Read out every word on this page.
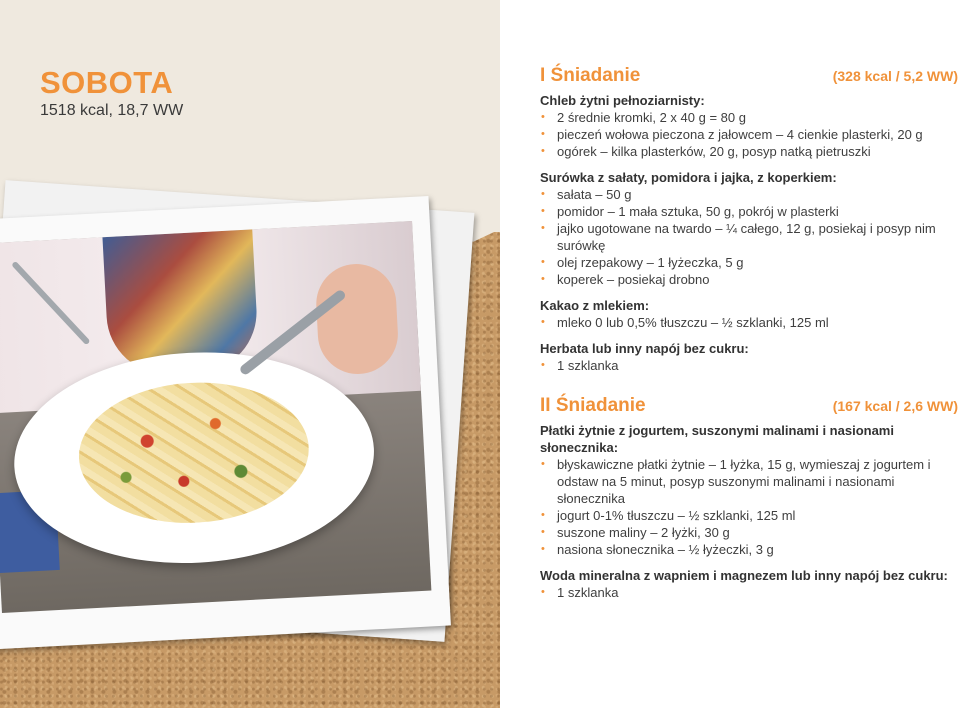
SOBOTA
1518 kcal, 18,7 WW
I Śniadanie	(328 kcal / 5,2 WW)
Chleb żytni pełnoziarnisty:
• 2 średnie kromki, 2 x 40 g = 80 g
• pieczeń wołowa pieczona z jałowcem – 4 cienkie plasterki, 20 g
• ogórek – kilka plasterków, 20 g, posyp natką pietruszki
Surówka z sałaty, pomidora i jajka, z koperkiem:
• sałata – 50 g
• pomidor – 1 mała sztuka, 50 g, pokrój w plasterki
• jajko ugotowane na twardo – ¼ całego, 12 g, posiekaj i posyp nim surówkę
• olej rzepakowy – 1 łyżeczka, 5 g
• koperek – posiekaj drobno
Kakao z mlekiem:
• mleko 0 lub 0,5% tłuszczu – ½ szklanki, 125 ml
Herbata lub inny napój bez cukru:
• 1 szklanka
II Śniadanie	(167 kcal / 2,6 WW)
Płatki żytnie z jogurtem, suszonymi malinami i nasionami słonecznika:
• błyskawiczne płatki żytnie – 1 łyżka, 15 g, wymieszaj z jogurtem i odstaw na 5 minut, posyp suszonymi malinami i nasionami słonecznika
• jogurt 0-1% tłuszczu – ½ szklanki, 125 ml
• suszone maliny – 2 łyżki, 30 g
• nasiona słonecznika – ½ łyżeczki, 3 g
Woda mineralna z wapniem i magnezem lub inny napój bez cukru:
• 1 szklanka
